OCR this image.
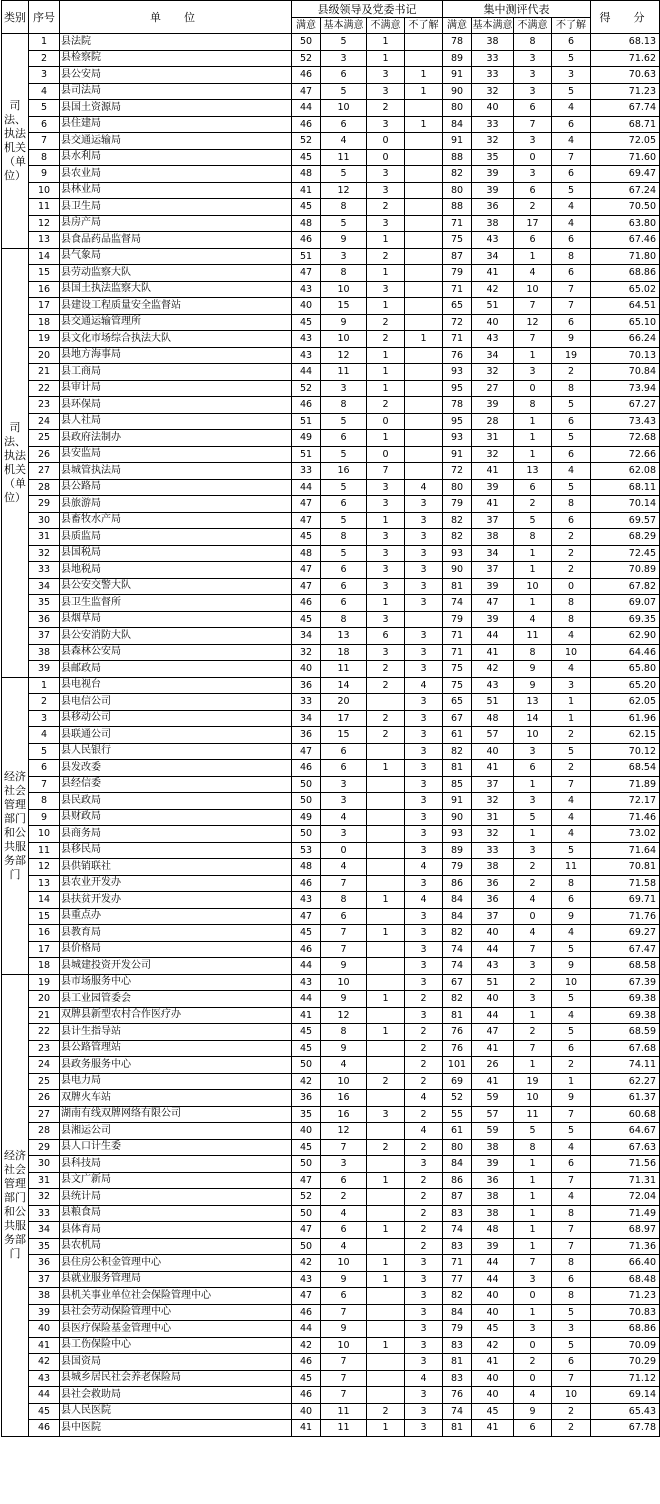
类别	序号	单　位	县级领导及党委书记				集中测评代表				得　分
			满意	基本满意	不满意	不了解	满意	基本满意	不满意	不了解	
司法、执法机关（单位）	1	县法院	50	5	1		78	38	8	6	68.13
	2	县检察院	52	3	1		89	33	3	5	71.62
	3	县公安局	46	6	3	1	91	33	3	3	70.63
	4	县司法局	47	5	3	1	90	32	3	5	71.23
	5	县国土资源局	44	10	2		80	40	6	4	67.74
	6	县住建局	46	6	3	1	84	33	7	6	68.71
	7	县交通运输局	52	4	0		91	32	3	4	72.05
	8	县水利局	45	11	0		88	35	0	7	71.60
	9	县农业局	48	5	3		82	39	3	6	69.47
	10	县林业局	41	12	3		80	39	6	5	67.24
	11	县卫生局	45	8	2		88	36	2	4	70.50
	12	县房产局	48	5	3		71	38	17	4	63.80
	13	县食品药品监督局	46	9	1		75	43	6	6	67.46
司法、执法机关（单位）	14	县气象局	51	3	2		87	34	1	8	71.80
	15	县劳动监察大队	47	8	1		79	41	4	6	68.86
	16	县国土执法监察大队	43	10	3		71	42	10	7	65.02
	17	县建设工程质量安全监督站	40	15	1		65	51	7	7	64.51
	18	县交通运输管理所	45	9	2		72	40	12	6	65.10
	19	县文化市场综合执法大队	43	10	2	1	71	43	7	9	66.24
	20	县地方海事局	43	12	1		76	34	1	19	70.13
	21	县工商局	44	11	1		93	32	3	2	70.84
	22	县审计局	52	3	1		95	27	0	8	73.94
	23	县环保局	46	8	2		78	39	8	5	67.27
	24	县人社局	51	5	0		95	28	1	6	73.43
	25	县政府法制办	49	6	1		93	31	1	5	72.68
	26	县安监局	51	5	0		91	32	1	6	72.66
	27	县城管执法局	33	16	7		72	41	13	4	62.08
	28	县公路局	44	5	3	4	80	39	6	5	68.11
	29	县旅游局	47	6	3	3	79	41	2	8	70.14
	30	县畜牧水产局	47	5	1	3	82	37	5	6	69.57
	31	县质监局	45	8	3	3	82	38	8	2	68.29
	32	县国税局	48	5	3	3	93	34	1	2	72.45
	33	县地税局	47	6	3	3	90	37	1	2	70.89
	34	县公安交警大队	47	6	3	3	81	39	10	0	67.82
	35	县卫生监督所	46	6	1	3	74	47	1	8	69.07
	36	县烟草局	45	8	3		79	39	4	8	69.35
	37	县公安消防大队	34	13	6	3	71	44	11	4	62.90
	38	县森林公安局	32	18	3	3	71	41	8	10	64.46
	39	县邮政局	40	11	2	3	75	42	9	4	65.80
经济社会管理部门和公共服务部门	1	县电视台	36	14	2	4	75	43	9	3	65.20
	2	县电信公司	33	20		3	65	51	13	1	62.05
	3	县移动公司	34	17	2	3	67	48	14	1	61.96
	4	县联通公司	36	15	2	3	61	57	10	2	62.15
	5	县人民银行	47	6		3	82	40	3	5	70.12
	6	县发改委	46	6	1	3	81	41	6	2	68.54
	7	县经信委	50	3		3	85	37	1	7	71.89
	8	县民政局	50	3		3	91	32	3	4	72.17
	9	县财政局	49	4		3	90	31	5	4	71.46
	10	县商务局	50	3		3	93	32	1	4	73.02
	11	县移民局	53	0		3	89	33	3	5	71.64
	12	县供销联社	48	4		4	79	38	2	11	70.81
	13	县农业开发办	46	7		3	86	36	2	8	71.58
	14	县扶贫开发办	43	8	1	4	84	36	4	6	69.71
	15	县重点办	47	6		3	84	37	0	9	71.76
	16	县教育局	45	7	1	3	82	40	4	4	69.27
	17	县价格局	46	7		3	74	44	7	5	67.47
	18	县城建投资开发公司	44	9		3	74	43	3	9	68.58
经济社会管理部门和公共服务部门	19	县市场服务中心	43	10		3	67	51	2	10	67.39
	20	县工业园管委会	44	9	1	2	82	40	3	5	69.38
	21	双牌县新型农村合作医疗办	41	12		3	81	44	1	4	69.38
	22	县计生指导站	45	8	1	2	76	47	2	5	68.59
	23	县公路管理站	45	9		2	76	41	7	6	67.68
	24	县政务服务中心	50	4		2	101	26	1	2	74.11
	25	县电力局	42	10	2	2	69	41	19	1	62.27
	26	双牌火车站	36	16		4	52	59	10	9	61.37
	27	湖南有线双牌网络有限公司	35	16	3	2	55	57	11	7	60.68
	28	县湘运公司	40	12		4	61	59	5	5	64.67
	29	县人口计生委	45	7	2	2	80	38	8	4	67.63
	30	县科技局	50	3		3	84	39	1	6	71.56
	31	县文广新局	47	6	1	2	86	36	1	7	71.31
	32	县统计局	52	2		2	87	38	1	4	72.04
	33	县粮食局	50	4		2	83	38	1	8	71.49
	34	县体育局	47	6	1	2	74	48	1	7	68.97
	35	县农机局	50	4		2	83	39	1	7	71.36
	36	县住房公积金管理中心	42	10	1	3	71	44	7	8	66.40
	37	县就业服务管理局	43	9	1	3	77	44	3	6	68.48
	38	县机关事业单位社会保险管理中心	47	6		3	82	40	0	8	71.23
	39	县社会劳动保险管理中心	46	7		3	84	40	1	5	70.83
	40	县医疗保险基金管理中心	44	9		3	79	45	3	3	68.86
	41	县工伤保险中心	42	10	1	3	83	42	0	5	70.09
	42	县国资局	46	7		3	81	41	2	6	70.29
	43	县城乡居民社会养老保险局	45	7		4	83	40	0	7	71.12
	44	县社会救助局	46	7		3	76	40	4	10	69.14
	45	县人民医院	40	11	2	3	74	45	9	2	65.43
	46	县中医院	41	11	1	3	81	41	6	2	67.78
